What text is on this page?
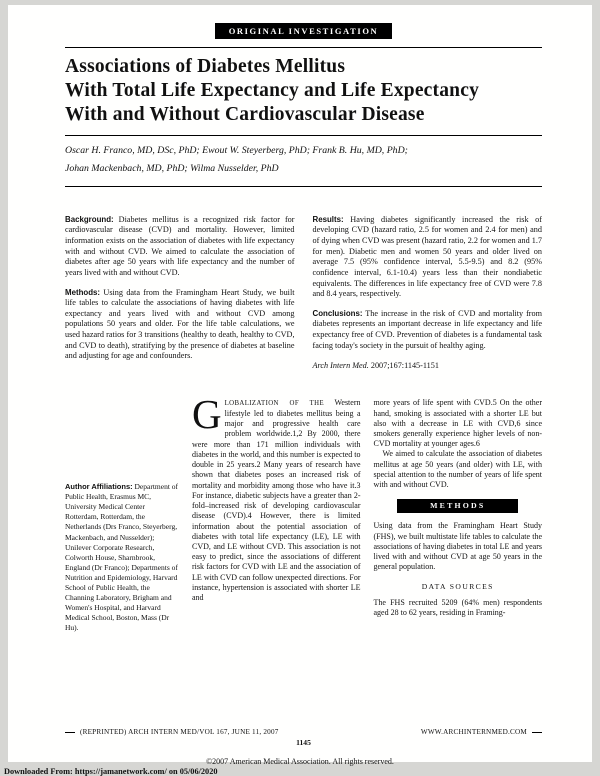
ORIGINAL INVESTIGATION
Associations of Diabetes Mellitus
With Total Life Expectancy and Life Expectancy
With and Without Cardiovascular Disease
Oscar H. Franco, MD, DSc, PhD; Ewout W. Steyerberg, PhD; Frank B. Hu, MD, PhD;
Johan Mackenbach, MD, PhD; Wilma Nusselder, PhD

Background: Diabetes mellitus is a recognized risk factor for cardiovascular disease (CVD) and mortality. However, limited information exists on the association of diabetes with life expectancy with and without CVD. We aimed to calculate the association of diabetes after age 50 years with life expectancy and the number of years lived with and without CVD.

Methods: Using data from the Framingham Heart Study, we built life tables to calculate the associations of having diabetes with life expectancy and years lived with and without CVD among populations 50 years and older. For the life table calculations, we used hazard ratios for 3 transitions (healthy to death, healthy to CVD, and CVD to death), stratifying by the presence of diabetes at baseline and adjusting for age and confounders.

Results: Having diabetes significantly increased the risk of developing CVD (hazard ratio, 2.5 for women and 2.4 for men) and of dying when CVD was present (hazard ratio, 2.2 for women and 1.7 for men). Diabetic men and women 50 years and older lived on average 7.5 (95% confidence interval, 5.5-9.5) and 8.2 (95% confidence interval, 6.1-10.4) years less than their nondiabetic equivalents. The differences in life expectancy free of CVD were 7.8 and 8.4 years, respectively.

Conclusions: The increase in the risk of CVD and mortality from diabetes represents an important decrease in life expectancy and life expectancy free of CVD. Prevention of diabetes is a fundamental task facing today's society in the pursuit of healthy aging.

Arch Intern Med. 2007;167:1145-1151

Author Affiliations: Department of Public Health, Erasmus MC, University Medical Center Rotterdam, Rotterdam, the Netherlands (Drs Franco, Steyerberg, Mackenbach, and Nusselder); Unilever Corporate Research, Colworth House, Sharnbrook, England (Dr Franco); Departments of Nutrition and Epidemiology, Harvard School of Public Health, the Channing Laboratory, Brigham and Women's Hospital, and Harvard Medical School, Boston, Mass (Dr Hu).

GLOBALIZATION OF THE Western lifestyle led to diabetes mellitus being a major and progressive health care problem worldwide.1,2 By 2000, there were more than 171 million individuals with diabetes in the world, and this number is expected to double in 25 years.2 Many years of research have shown that diabetes poses an increased risk of mortality and morbidity among those who have it.3 For instance, diabetic subjects have a greater than 2-fold–increased risk of developing cardiovascular disease (CVD).4 However, there is limited information about the potential association of diabetes with total life expectancy (LE), LE with CVD, and LE without CVD. This association is not easy to predict, since the associations of different risk factors for CVD with LE and the association of LE with CVD can follow unexpected directions. For instance, hypertension is associated with shorter LE and

more years of life spent with CVD.5 On the other hand, smoking is associated with a shorter LE but also with a decrease in LE with CVD,6 since smokers generally experience higher levels of non-CVD mortality at younger ages.6

We aimed to calculate the association of diabetes mellitus at age 50 years (and older) with LE, with special attention to the number of years of life spent with and without CVD.

METHODS

Using data from the Framingham Heart Study (FHS), we built multistate life tables to calculate the associations of having diabetes in total LE and years lived with and without CVD at age 50 years in the general population.

DATA SOURCES

The FHS recruited 5209 (64% men) respondents aged 28 to 62 years, residing in Framing-

(REPRINTED) ARCH INTERN MED/VOL 167, JUNE 11, 2007	WWW.ARCHINTERNMED.COM
1145
©2007 American Medical Association. All rights reserved.
Downloaded From: https://jamanetwork.com/ on 05/06/2020
